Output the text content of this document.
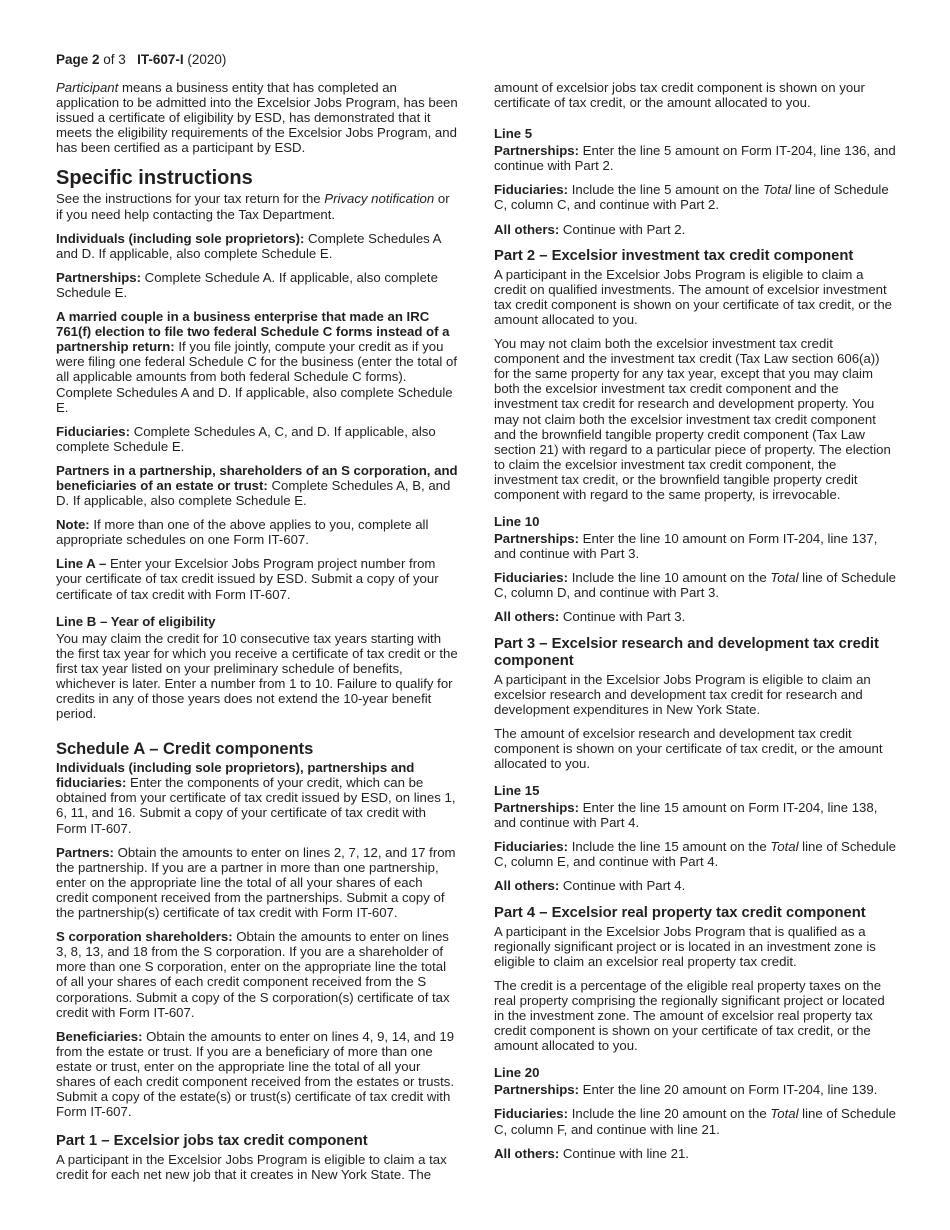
Page 2 of 3 IT-607-I (2020)

Participant means a business entity that has completed an application to be admitted into the Excelsior Jobs Program, has been issued a certificate of eligibility by ESD, has demonstrated that it meets the eligibility requirements of the Excelsior Jobs Program, and has been certified as a participant by ESD.

Specific instructions

See the instructions for your tax return for the Privacy notification or if you need help contacting the Tax Department.

Individuals (including sole proprietors): Complete Schedules A and D. If applicable, also complete Schedule E.

Partnerships: Complete Schedule A. If applicable, also complete Schedule E.

A married couple in a business enterprise that made an IRC 761(f) election to file two federal Schedule C forms instead of a partnership return: If you file jointly, compute your credit as if you were filing one federal Schedule C for the business (enter the total of all applicable amounts from both federal Schedule C forms). Complete Schedules A and D. If applicable, also complete Schedule E.

Fiduciaries: Complete Schedules A, C, and D. If applicable, also complete Schedule E.

Partners in a partnership, shareholders of an S corporation, and beneficiaries of an estate or trust: Complete Schedules A, B, and D. If applicable, also complete Schedule E.

Note: If more than one of the above applies to you, complete all appropriate schedules on one Form IT-607.

Line A – Enter your Excelsior Jobs Program project number from your certificate of tax credit issued by ESD. Submit a copy of your certificate of tax credit with Form IT-607.

Line B – Year of eligibility

You may claim the credit for 10 consecutive tax years starting with the first tax year for which you receive a certificate of tax credit or the first tax year listed on your preliminary schedule of benefits, whichever is later. Enter a number from 1 to 10. Failure to qualify for credits in any of those years does not extend the 10-year benefit period.

Schedule A – Credit components

Individuals (including sole proprietors), partnerships and fiduciaries: Enter the components of your credit, which can be obtained from your certificate of tax credit issued by ESD, on lines 1, 6, 11, and 16. Submit a copy of your certificate of tax credit with Form IT-607.

Partners: Obtain the amounts to enter on lines 2, 7, 12, and 17 from the partnership. If you are a partner in more than one partnership, enter on the appropriate line the total of all your shares of each credit component received from the partnerships. Submit a copy of the partnership(s) certificate of tax credit with Form IT-607.

S corporation shareholders: Obtain the amounts to enter on lines 3, 8, 13, and 18 from the S corporation. If you are a shareholder of more than one S corporation, enter on the appropriate line the total of all your shares of each credit component received from the S corporations. Submit a copy of the S corporation(s) certificate of tax credit with Form IT-607.

Beneficiaries: Obtain the amounts to enter on lines 4, 9, 14, and 19 from the estate or trust. If you are a beneficiary of more than one estate or trust, enter on the appropriate line the total of all your shares of each credit component received from the estates or trusts. Submit a copy of the estate(s) or trust(s) certificate of tax credit with Form IT-607.

Part 1 – Excelsior jobs tax credit component

A participant in the Excelsior Jobs Program is eligible to claim a tax credit for each net new job that it creates in New York State. The

amount of excelsior jobs tax credit component is shown on your certificate of tax credit, or the amount allocated to you.

Line 5

Partnerships: Enter the line 5 amount on Form IT-204, line 136, and continue with Part 2.

Fiduciaries: Include the line 5 amount on the Total line of Schedule C, column C, and continue with Part 2.

All others: Continue with Part 2.

Part 2 – Excelsior investment tax credit component

A participant in the Excelsior Jobs Program is eligible to claim a credit on qualified investments. The amount of excelsior investment tax credit component is shown on your certificate of tax credit, or the amount allocated to you.

You may not claim both the excelsior investment tax credit component and the investment tax credit (Tax Law section 606(a)) for the same property for any tax year, except that you may claim both the excelsior investment tax credit component and the investment tax credit for research and development property. You may not claim both the excelsior investment tax credit component and the brownfield tangible property credit component (Tax Law section 21) with regard to a particular piece of property. The election to claim the excelsior investment tax credit component, the investment tax credit, or the brownfield tangible property credit component with regard to the same property, is irrevocable.

Line 10

Partnerships: Enter the line 10 amount on Form IT-204, line 137, and continue with Part 3.

Fiduciaries: Include the line 10 amount on the Total line of Schedule C, column D, and continue with Part 3.

All others: Continue with Part 3.

Part 3 – Excelsior research and development tax credit component

A participant in the Excelsior Jobs Program is eligible to claim an excelsior research and development tax credit for research and development expenditures in New York State.

The amount of excelsior research and development tax credit component is shown on your certificate of tax credit, or the amount allocated to you.

Line 15

Partnerships: Enter the line 15 amount on Form IT-204, line 138, and continue with Part 4.

Fiduciaries: Include the line 15 amount on the Total line of Schedule C, column E, and continue with Part 4.

All others: Continue with Part 4.

Part 4 – Excelsior real property tax credit component

A participant in the Excelsior Jobs Program that is qualified as a regionally significant project or is located in an investment zone is eligible to claim an excelsior real property tax credit.

The credit is a percentage of the eligible real property taxes on the real property comprising the regionally significant project or located in the investment zone. The amount of excelsior real property tax credit component is shown on your certificate of tax credit, or the amount allocated to you.

Line 20

Partnerships: Enter the line 20 amount on Form IT-204, line 139.

Fiduciaries: Include the line 20 amount on the Total line of Schedule C, column F, and continue with line 21.

All others: Continue with line 21.
